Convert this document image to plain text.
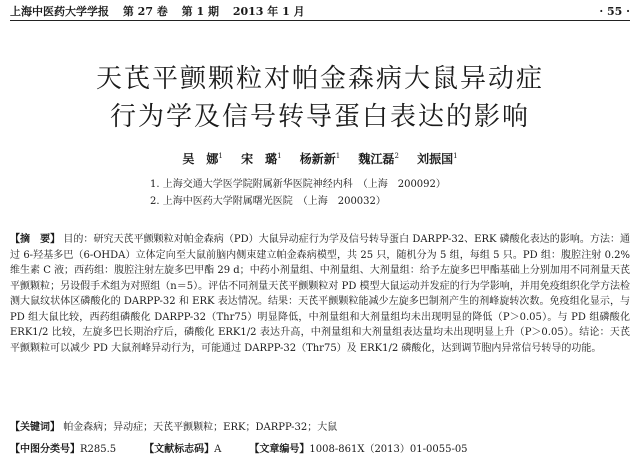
上海中医药大学学报 第 27 卷 第 1 期 2013 年 1 月	· 55 ·
天芪平颤颗粒对帕金森病大鼠异动症
行为学及信号转导蛋白表达的影响
吴　娜$^1$ 宋　璐$^1$ 杨新新$^1$ 魏江磊$^2$ 刘振国$^1$
1. 上海交通大学医学院附属新华医院神经内科　（上海　200092）
2. 上海中医药大学附属曙光医院　（上海　200032）
【摘　要】 目的：研究天芪平颤颗粒对帕金森病（PD）大鼠异动症行为学及信号转导蛋白 DARPP-32、ERK 磷酸化表达的影响。方法：通过 6-羟基多巴（6-OHDA）立体定向至大鼠前脑内侧束建立帕金森病模型，共 25 只，随机分为 5 组，每组 5 只。PD 组：腹腔注射 0.2% 维生素 C 液；西药组：腹腔注射左旋多巴甲酯 29 d；中药小剂量组、中剂量组、大剂量组：给予左旋多巴甲酯基础上分别加用不同剂量天芪平颤颗粒；另设假手术组为对照组（n＝5）。评估不同剂量天芪平颤颗粒对 PD 模型大鼠运动并发症的行为学影响，并用免疫组织化学方法检测大鼠纹状体区磷酸化的 DARPP-32 和 ERK 表达情况。结果：天芪平颤颗粒能减少左旋多巴制剂产生的剂峰旋转次数。免疫组化显示，与 PD 组大鼠比较，西药组磷酸化 DARPP-32（Thr75）明显降低，中剂量组和大剂量组均未出现明显的降低（P＞0.05）。与 PD 组磷酸化 ERK1/2 比较，左旋多巴长期治疗后，磷酸化 ERK1/2 表达升高，中剂量组和大剂量组表达量均未出现明显上升（P＞0.05）。结论：天芪平颤颗粒可以减少 PD 大鼠剂峰异动行为，可能通过 DARPP-32（Thr75）及 ERK1/2 磷酸化，达到调节胞内异常信号转导的功能。
【关键词】 帕金森病；异动症；天芪平颤颗粒；ERK；DARPP-32；大鼠
【中图分类号】R285.5	【文献标志码】A	【文章编号】1008-861X（2013）01-0055-05
